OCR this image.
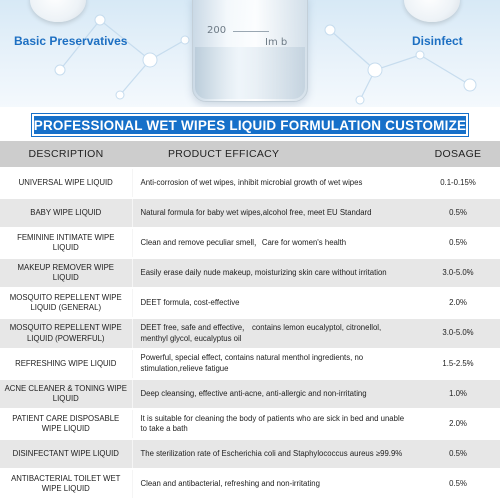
Basic Preservatives
200
Im b	Disinfect
PROFESSIONAL WET WIPES LIQUID FORMULATION CUSTOMIZE
DESCRIPTION	PRODUCT EFFICACY	DOSAGE
UNIVERSAL WIPE LIQUID	Anti-corrosion of wet wipes, inhibit microbial growth of wet wipes	0.1-0.15%
BABY WIPE LIQUID	Natural formula for baby wet wipes,alcohol free, meet EU Standard	0.5%
FEMININE INTIMATE WIPE LIQUID	Clean and remove peculiar smell，Care for women's health	0.5%
MAKEUP REMOVER WIPE LIQUID	Easily erase daily nude makeup, moisturizing skin care without irritation	3.0-5.0%
MOSQUITO REPELLENT WIPE LIQUID (GENERAL)	DEET formula, cost-effective	2.0%
MOSQUITO REPELLENT WIPE LIQUID (POWERFUL)	DEET free, safe and effective， contains lemon eucalyptol, citronellol, menthyl glycol, eucalyptus oil	3.0-5.0%
REFRESHING WIPE LIQUID	Powerful, special effect, contains natural menthol ingredients, no stimulation,relieve fatigue	1.5-2.5%
ACNE CLEANER & TONING WIPE LIQUID	Deep cleansing, effective anti-acne, anti-allergic and non-irritating	1.0%
PATIENT CARE DISPOSABLE WIPE LIQUID	It is suitable for cleaning the body of patients who are sick in bed and unable to take a bath	2.0%
DISINFECTANT WIPE LIQUID	The sterilization rate of Escherichia coli and Staphylococcus aureus ≥99.9%	0.5%
ANTIBACTERIAL TOILET WET WIPE LIQUID	Clean and antibacterial, refreshing and non-irritating	0.5%
